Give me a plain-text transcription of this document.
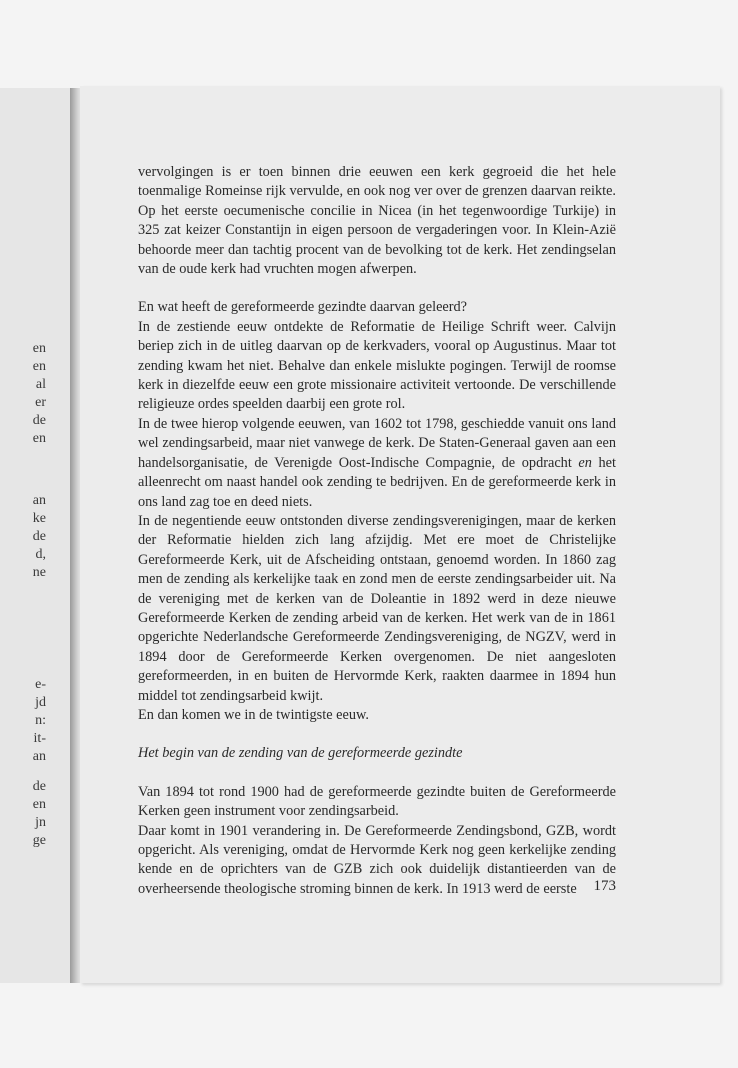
en
en
al
er
de
en
an
ke
de
d,
ne
e-
jd
n:
it-
an
de
en
jn
ge

vervolgingen is er toen binnen drie eeuwen een kerk gegroeid die het hele toenmalige Romeinse rijk vervulde, en ook nog ver over de grenzen daarvan reikte. Op het eerste oecumenische concilie in Nicea (in het tegenwoordige Turkije) in 325 zat keizer Constantijn in eigen persoon de vergaderingen voor. In Klein-Azië behoorde meer dan tachtig procent van de bevolking tot de kerk. Het zendingselan van de oude kerk had vruchten mogen afwerpen.

En wat heeft de gereformeerde gezindte daarvan geleerd?

In de zestiende eeuw ontdekte de Reformatie de Heilige Schrift weer. Calvijn beriep zich in de uitleg daarvan op de kerkvaders, vooral op Augustinus. Maar tot zending kwam het niet. Behalve dan enkele mislukte pogingen. Terwijl de roomse kerk in diezelfde eeuw een grote missionaire activiteit vertoonde. De verschillende religieuze ordes speelden daarbij een grote rol.

In de twee hierop volgende eeuwen, van 1602 tot 1798, geschiedde vanuit ons land wel zendingsarbeid, maar niet vanwege de kerk. De Staten-Generaal gaven aan een handelsorganisatie, de Verenigde Oost-Indische Compagnie, de opdracht en het alleenrecht om naast handel ook zending te bedrijven. En de gereformeerde kerk in ons land zag toe en deed niets.

In de negentiende eeuw ontstonden diverse zendingsverenigingen, maar de kerken der Reformatie hielden zich lang afzijdig. Met ere moet de Christelijke Gereformeerde Kerk, uit de Afscheiding ontstaan, genoemd worden. In 1860 zag men de zending als kerkelijke taak en zond men de eerste zendingsarbeider uit. Na de vereniging met de kerken van de Doleantie in 1892 werd in deze nieuwe Gereformeerde Kerken de zending arbeid van de kerken. Het werk van de in 1861 opgerichte Nederlandsche Gereformeerde Zendingsvereniging, de NGZV, werd in 1894 door de Gereformeerde Kerken overgenomen. De niet aangesloten gereformeerden, in en buiten de Hervormde Kerk, raakten daarmee in 1894 hun middel tot zendingsarbeid kwijt.

En dan komen we in de twintigste eeuw.

Het begin van de zending van de gereformeerde gezindte

Van 1894 tot rond 1900 had de gereformeerde gezindte buiten de Gereformeerde Kerken geen instrument voor zendingsarbeid.

Daar komt in 1901 verandering in. De Gereformeerde Zendingsbond, GZB, wordt opgericht. Als vereniging, omdat de Hervormde Kerk nog geen kerkelijke zending kende en de oprichters van de GZB zich ook duidelijk distantieerden van de overheersende theologische stroming binnen de kerk. In 1913 werd de eerste	173
